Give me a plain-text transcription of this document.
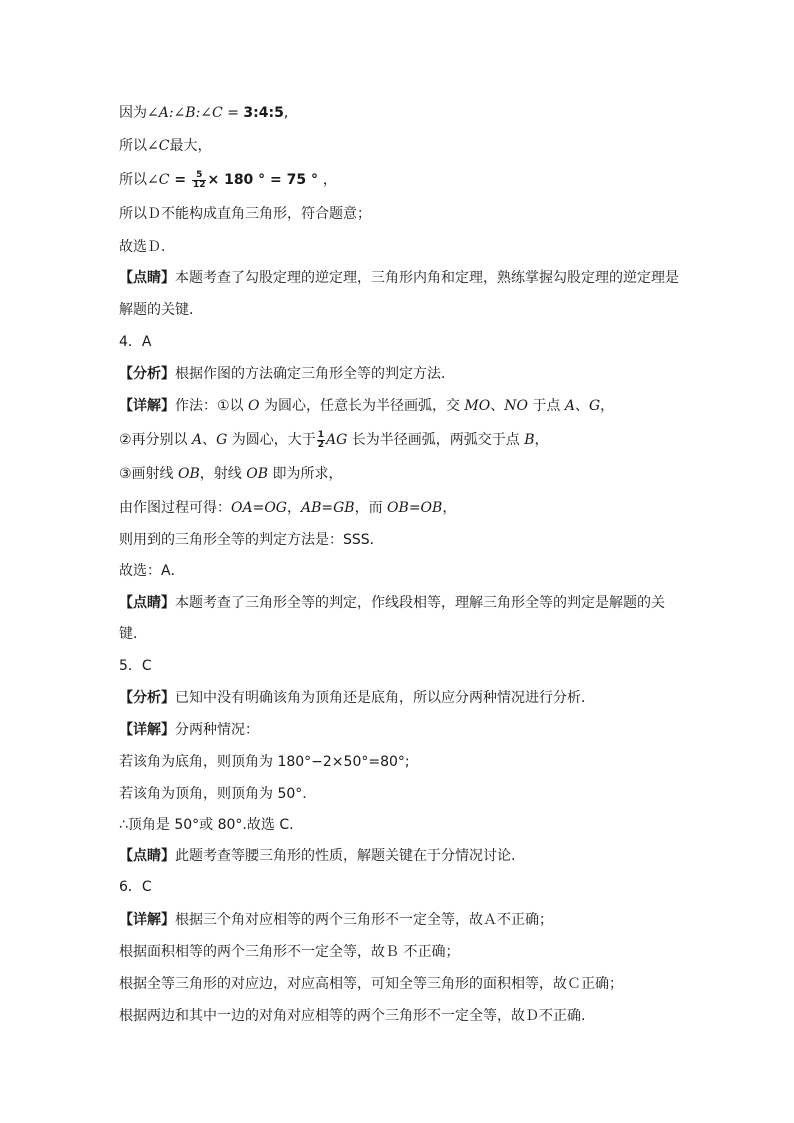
因为∠A:∠B:∠C = 3:4:5,
所以∠C最大，
所以∠C = $\frac{5}{12} \times 180$ ° = 75 ° ，
所以Ｄ不能构成直角三角形，符合题意；
故选Ｄ．
【点睛】本题考查了勾股定理的逆定理，三角形内角和定理，熟练掌握勾股定理的逆定理是
解题的关键．
4．A
【分析】根据作图的方法确定三角形全等的判定方法．
【详解】作法：①以 O 为圆心，任意长为半径画弧，交 MO、NO 于点 A、G，
②再分别以 A、G 为圆心，大于 $\frac{1}{2}$ AG 长为半径画弧，两弧交于点 B，
③画射线 OB，射线 OB 即为所求，
由作图过程可得：OA=OG，AB=GB，而 OB=OB，
则用到的三角形全等的判定方法是：SSS．
故选：A．
【点睛】本题考查了三角形全等的判定，作线段相等，理解三角形全等的判定是解题的关
键．
5．C
【分析】已知中没有明确该角为顶角还是底角，所以应分两种情况进行分析．
【详解】分两种情况：
若该角为底角，则顶角为 180°−2×50°=80°;
若该角为顶角，则顶角为 50°.
∴顶角是 50°或 80°.故选 C.
【点睛】此题考查等腰三角形的性质，解题关键在于分情况讨论.
6．C
【详解】根据三个角对应相等的两个三角形不一定全等，故Ａ不正确；
根据面积相等的两个三角形不一定全等，故Ｂ 不正确；
根据全等三角形的对应边，对应高相等，可知全等三角形的面积相等，故Ｃ正确；
根据两边和其中一边的对角对应相等的两个三角形不一定全等，故Ｄ不正确.
